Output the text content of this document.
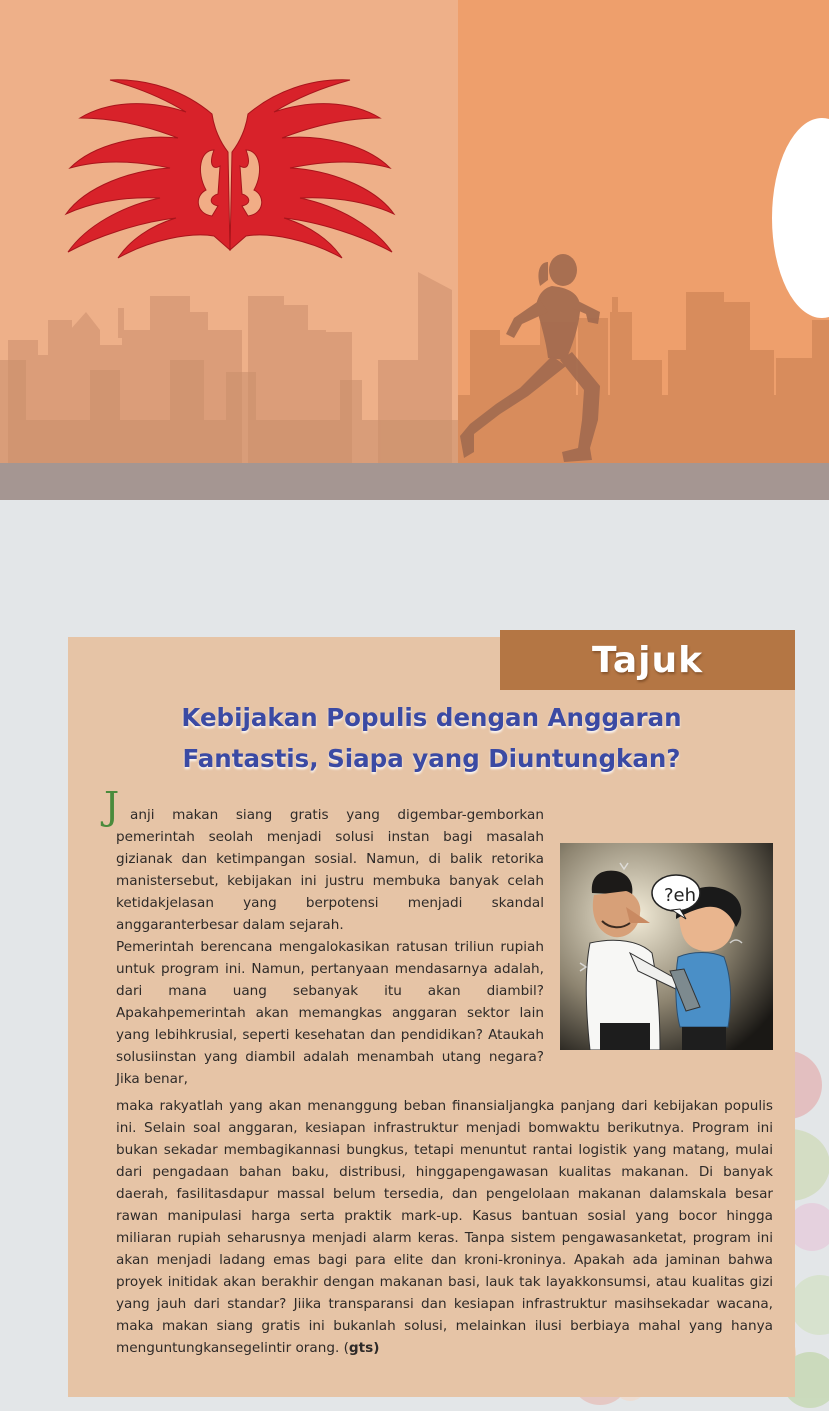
Tajuk
Kebijakan Populis dengan Anggaran
Fantastis, Siapa yang Diuntungkan?
J anji makan siang gratis yang digembar-gemborkan pemerintah seolah menjadi solusi instan bagi masalah gizianak dan ketimpangan sosial. Namun, di balik retorika manistersebut, kebijakan ini justru membuka banyak celah ketidakjelasan yang berpotensi menjadi skandal anggaranterbesar dalam sejarah.

Pemerintah berencana mengalokasikan ratusan triliun rupiah untuk program ini. Namun, pertanyaan mendasarnya adalah, dari mana uang sebanyak itu akan diambil? Apakahpemerintah akan memangkas anggaran sektor lain yang lebihkrusial, seperti kesehatan dan pendidikan? Ataukah solusiinstan yang diambil adalah menambah utang negara? Jika benar,

?eh

maka rakyatlah yang akan menanggung beban finansialjangka panjang dari kebijakan populis ini. Selain soal anggaran, kesiapan infrastruktur menjadi bomwaktu berikutnya. Program ini bukan sekadar membagikannasi bungkus, tetapi menuntut rantai logistik yang matang, mulai dari pengadaan bahan baku, distribusi, hinggapengawasan kualitas makanan. Di banyak daerah, fasilitasdapur massal belum tersedia, dan pengelolaan makanan dalamskala besar rawan manipulasi harga serta praktik mark-up. Kasus bantuan sosial yang bocor hingga miliaran rupiah seharusnya menjadi alarm keras. Tanpa sistem pengawasanketat, program ini akan menjadi ladang emas bagi para elite dan kroni-kroninya. Apakah ada jaminan bahwa proyek initidak akan berakhir dengan makanan basi, lauk tak layakkonsumsi, atau kualitas gizi yang jauh dari standar? Jiika transparansi dan kesiapan infrastruktur masihsekadar wacana, maka makan siang gratis ini bukanlah solusi, melainkan ilusi berbiaya mahal yang hanya menguntungkansegelintir orang. (gts)
